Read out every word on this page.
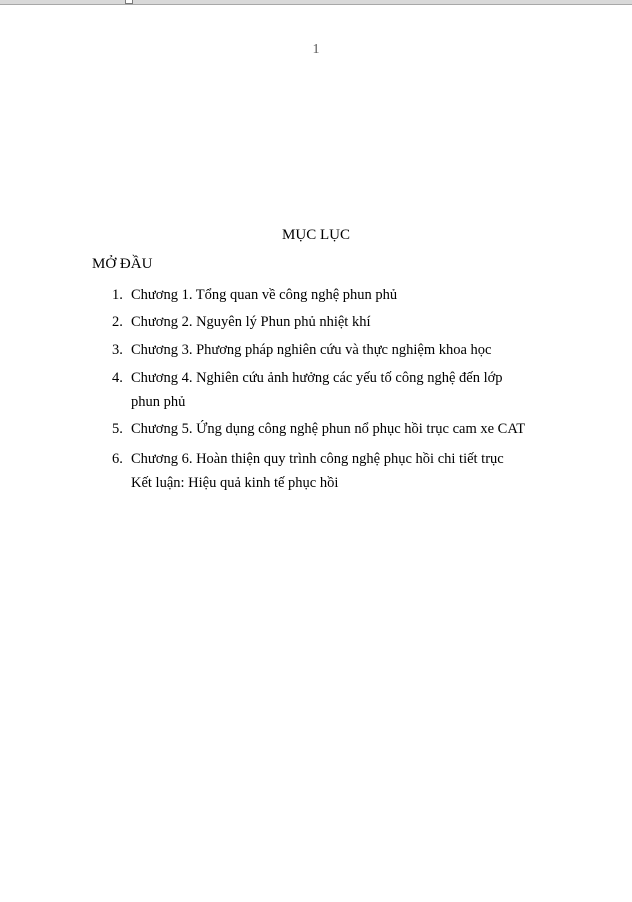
1
MỤC LỤC
MỞ ĐẦU
1. Chương 1. Tổng quan về công nghệ phun phủ
2. Chương 2. Nguyên lý Phun phủ nhiệt khí
3. Chương 3. Phương pháp nghiên cứu và thực nghiệm khoa học
4. Chương 4. Nghiên cứu ảnh hưởng các yếu tố công nghệ đến lớp
phun phủ
5. Chương 5. Ứng dụng công nghệ phun nổ phục hồi trục cam xe CAT
6. Chương 6. Hoàn thiện quy trình công nghệ phục hồi chi tiết trục
Kết luận: Hiệu quả kinh tế phục hồi
